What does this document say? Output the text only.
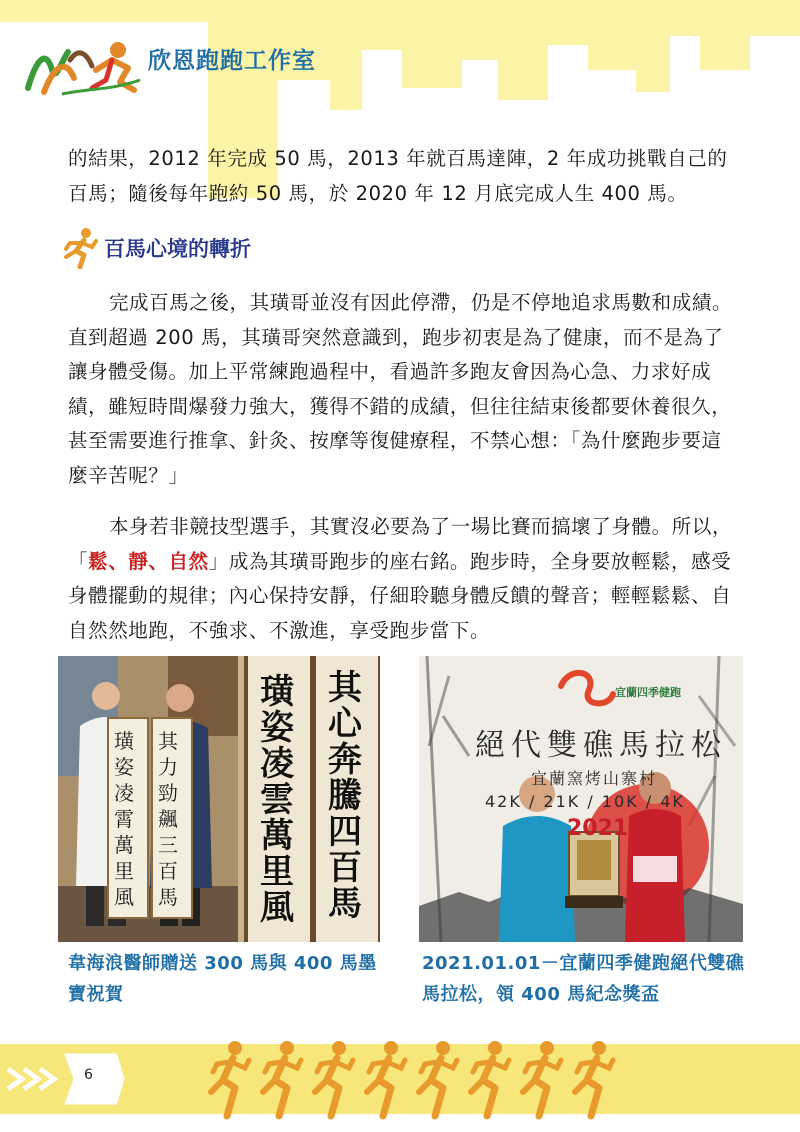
欣恩跑跑工作室

的結果，2012 年完成 50 馬，2013 年就百馬達陣，2 年成功挑戰自己的百馬；隨後每年跑約 50 馬，於 2020 年 12 月底完成人生 400 馬。

百馬心境的轉折

完成百馬之後，其璜哥並沒有因此停滯，仍是不停地追求馬數和成績。直到超過 200 馬，其璜哥突然意識到，跑步初衷是為了健康，而不是為了讓身體受傷。加上平常練跑過程中，看過許多跑友會因為心急、力求好成績，雖短時間爆發力強大，獲得不錯的成績，但往往結束後都要休養很久，甚至需要進行推拿、針灸、按摩等復健療程，不禁心想：「為什麼跑步要這麼辛苦呢？」

本身若非競技型選手，其實沒必要為了一場比賽而搞壞了身體。所以，「鬆、靜、自然」成為其璜哥跑步的座右銘。跑步時，全身要放輕鬆，感受身體擺動的規律；內心保持安靜，仔細聆聽身體反饋的聲音；輕輕鬆鬆、自自然然地跑，不強求、不激進，享受跑步當下。

璜姿凌霄萬里風
其力勁飆三百馬
璜姿凌雲萬里風
其心奔騰四百馬
宜蘭四季健跑
絕代雙礁馬拉松
宜蘭窯烤山寨村
42K / 21K / 10K / 4K
2021

韋海浪醫師贈送 300 馬與 400 馬墨寶祝賀

2021.01.01－宜蘭四季健跑絕代雙礁馬拉松，領 400 馬紀念獎盃

6
